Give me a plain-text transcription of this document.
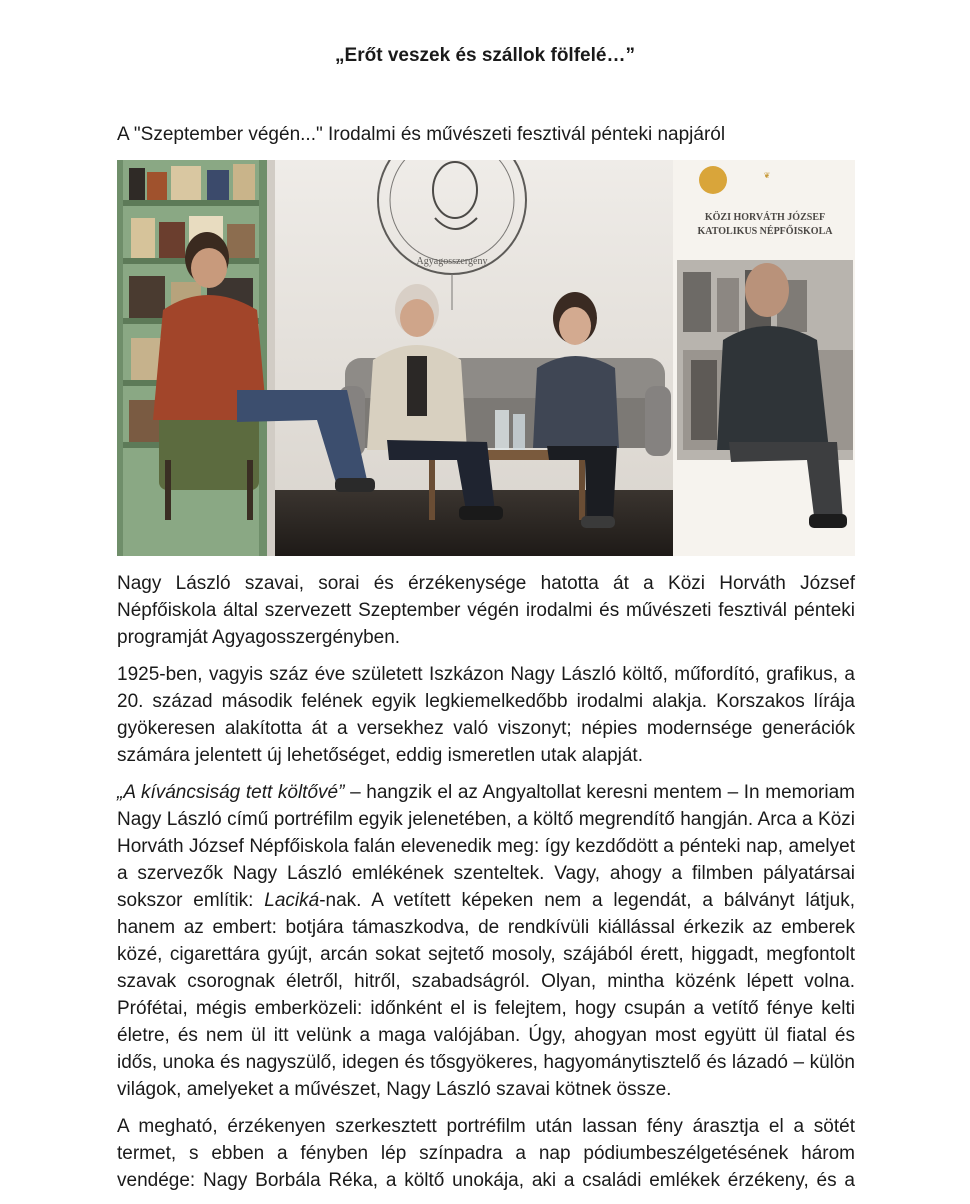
„Erőt veszek és szállok fölfelé…”

A "Szeptember végén..." Irodalmi és művészeti fesztivál pénteki napjáról

Agyagosszergény
❦
KÖZI HORVÁTH JÓZSEF
KATOLIKUS NÉPFŐISKOLA

Nagy László szavai, sorai és érzékenysége hatotta át a Közi Horváth József Népfőiskola által szervezett Szeptember végén irodalmi és művészeti fesztivál pénteki programját Agyagosszergényben.

1925-ben, vagyis száz éve született Iszkázon Nagy László költő, műfordító, grafikus, a 20. század második felének egyik legkiemelkedőbb irodalmi alakja. Korszakos lírája gyökeresen alakította át a versekhez való viszonyt; népies modernsége generációk számára jelentett új lehetőséget, eddig ismeretlen utak alapját.

„A kíváncsiság tett költővé” – hangzik el az Angyaltollat keresni mentem – In memoriam Nagy László című portréfilm egyik jelenetében, a költő megrendítő hangján. Arca a Közi Horváth József Népfőiskola falán elevenedik meg: így kezdődött a pénteki nap, amelyet a szervezők Nagy László emlékének szenteltek. Vagy, ahogy a filmben pályatársai sokszor említik: Laciká-nak. A vetített képeken nem a legendát, a bálványt látjuk, hanem az embert: botjára támaszkodva, de rendkívüli kiállással érkezik az emberek közé, cigarettára gyújt, arcán sokat sejtető mosoly, szájából érett, higgadt, megfontolt szavak csorognak életről, hitről, szabadságról. Olyan, mintha közénk lépett volna. Prófétai, mégis emberközeli: időnként el is felejtem, hogy csupán a vetítő fénye kelti életre, és nem ül itt velünk a maga valójában. Úgy, ahogyan most együtt ül fiatal és idős, unoka és nagyszülő, idegen és tősgyökeres, hagyománytisztelő és lázadó – külön világok, amelyeket a művészet, Nagy László szavai kötnek össze.

A megható, érzékenyen szerkesztett portréfilm után lassan fény árasztja el a sötét termet, s ebben a fényben lép színpadra a nap pódiumbeszélgetésének három vendége: Nagy Borbála Réka, a költő unokája, aki a családi emlékek érzékeny, és a
